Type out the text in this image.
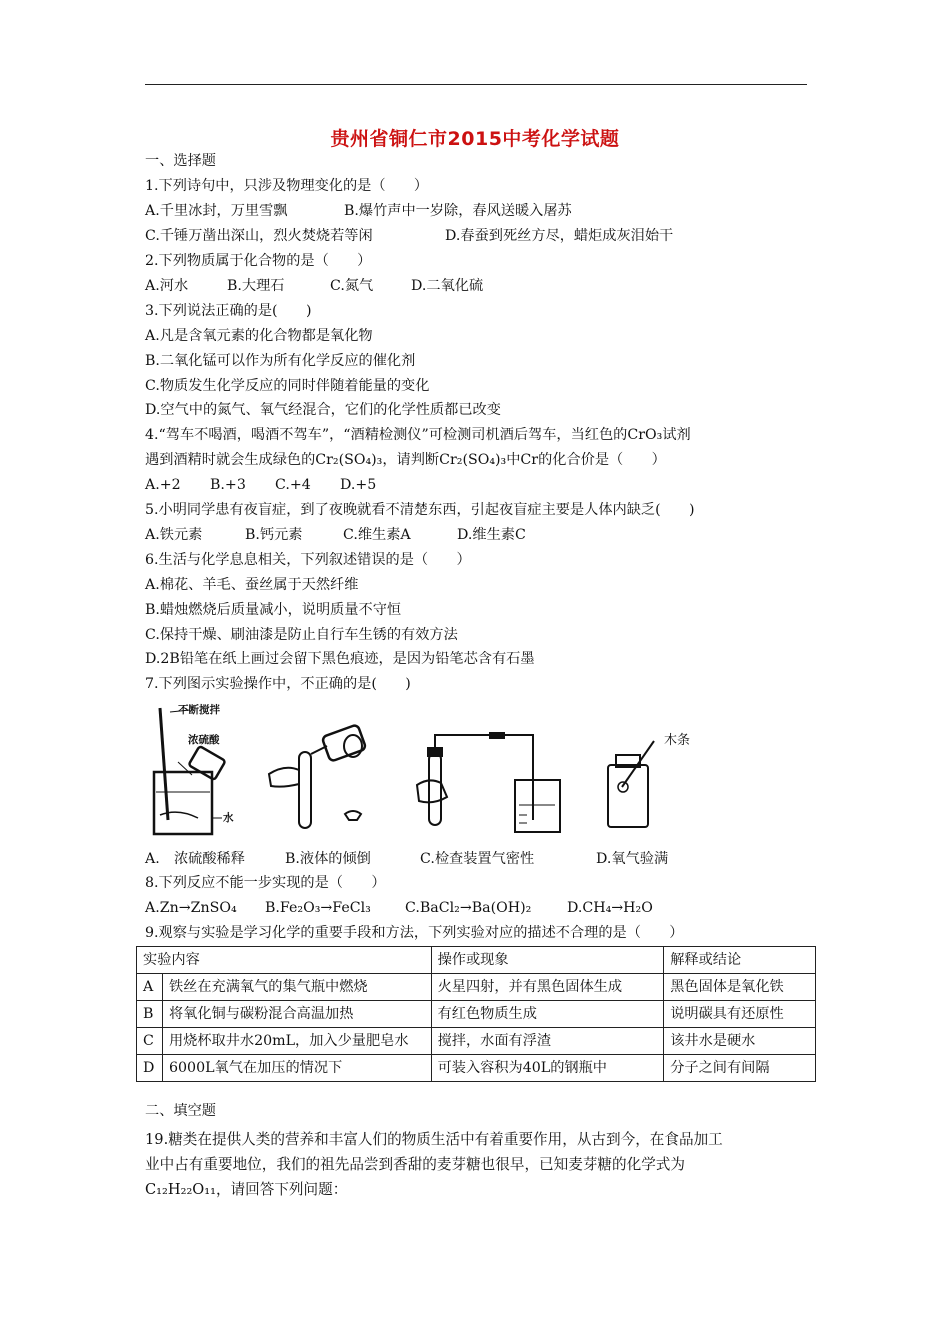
贵州省铜仁市2015中考化学试题
一、选择题
1.下列诗句中，只涉及物理变化的是（　　）
A.千里冰封，万里雪飘	B.爆竹声中一岁除，春风送暖入屠苏
C.千锤万凿出深山，烈火焚烧若等闲	D.春蚕到死丝方尽，蜡炬成灰泪始干
2.下列物质属于化合物的是（　　）
A.河水	B.大理石	C.氮气	D.二氧化硫
3.下列说法正确的是(　　)
A.凡是含氧元素的化合物都是氧化物
B.二氧化锰可以作为所有化学反应的催化剂
C.物质发生化学反应的同时伴随着能量的变化
D.空气中的氮气、氧气经混合，它们的化学性质都已改变
4.“驾车不喝酒，喝酒不驾车”，“酒精检测仪”可检测司机酒后驾车，当红色的CrO₃试剂
遇到酒精时就会生成绿色的Cr₂(SO₄)₃，请判断Cr₂(SO₄)₃中Cr的化合价是（　　）
A.+2 B.+3 C.+4 D.+5
5.小明同学患有夜盲症，到了夜晚就看不清楚东西，引起夜盲症主要是人体内缺乏(　　)
A.铁元素	B.钙元素	C.维生素A	D.维生素C
6.生活与化学息息相关，下列叙述错误的是（　　）
A.棉花、羊毛、蚕丝属于天然纤维
B.蜡烛燃烧后质量减小，说明质量不守恒
C.保持干燥、刷油漆是防止自行车生锈的有效方法
D.2B铅笔在纸上画过会留下黑色痕迹，是因为铅笔芯含有石墨
7.下列图示实验操作中，不正确的是(　　)
不断搅拌
浓硫酸
水
木条
A.　浓硫酸稀释	B.液体的倾倒	C.检查装置气密性	D.氧气验满
8.下列反应不能一步实现的是（　　）
A.Zn→ZnSO₄ B.Fe₂O₃→FeCl₃ C.BaCl₂→Ba(OH)₂	D.CH₄→H₂O
9.观察与实验是学习化学的重要手段和方法，下列实验对应的描述不合理的是（　　）
实验内容		操作或现象	解释或结论
A	铁丝在充满氧气的集气瓶中燃烧	火星四射，并有黑色固体生成	黑色固体是氧化铁
B	将氧化铜与碳粉混合高温加热	有红色物质生成	说明碳具有还原性
C	用烧杯取井水20mL，加入少量肥皂水	搅拌，水面有浮渣	该井水是硬水
D	6000L氧气在加压的情况下	可装入容积为40L的钢瓶中	分子之间有间隔
二、填空题
19.糖类在提供人类的营养和丰富人们的物质生活中有着重要作用，从古到今，在食品加工
业中占有重要地位，我们的祖先品尝到香甜的麦芽糖也很早，已知麦芽糖的化学式为
C₁₂H₂₂O₁₁，请回答下列问题：
